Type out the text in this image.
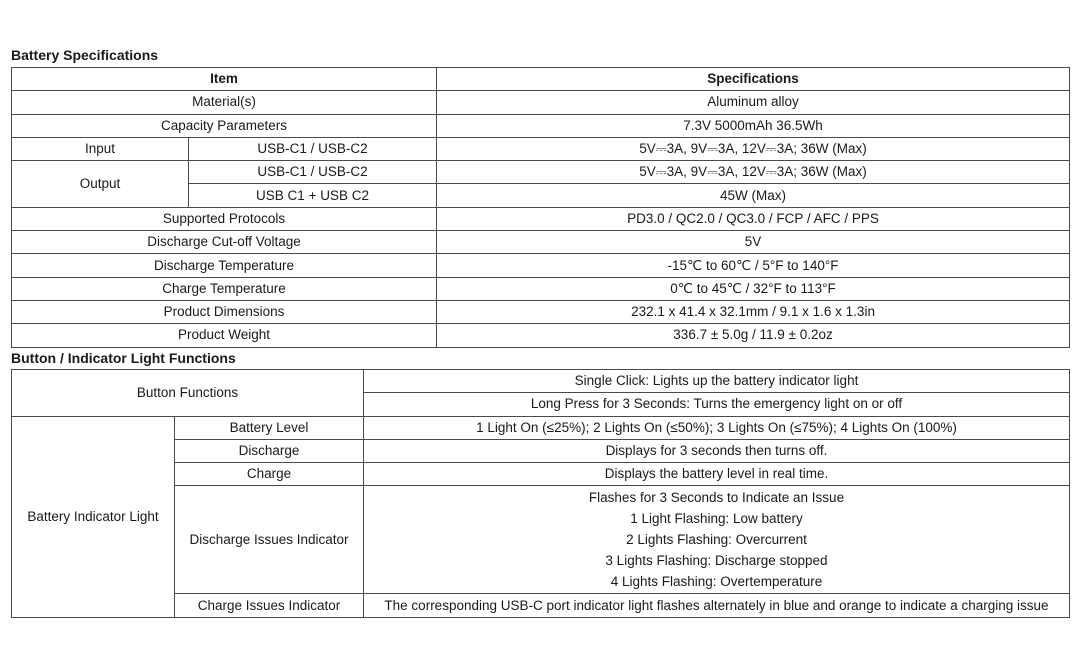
Battery Specifications
Item		Specifications
Material(s)		Aluminum alloy
Capacity Parameters		7.3V 5000mAh 36.5Wh
Input	USB-C1 / USB-C2	5V⎓3A, 9V⎓3A, 12V⎓3A; 36W (Max)
Output	USB-C1 / USB-C2	5V⎓3A, 9V⎓3A, 12V⎓3A; 36W (Max)
	USB C1 + USB C2	45W (Max)
Supported Protocols		PD3.0 / QC2.0 / QC3.0 / FCP / AFC / PPS
Discharge Cut-off Voltage		5V
Discharge Temperature		-15℃ to 60℃ / 5°F to 140°F
Charge Temperature		0℃ to 45℃ / 32°F to 113°F
Product Dimensions		232.1 x 41.4 x 32.1mm / 9.1 x 1.6 x 1.3in
Product Weight		336.7 ± 5.0g / 11.9 ± 0.2oz
Button / Indicator Light Functions
Button Functions		Single Click: Lights up the battery indicator light
		Long Press for 3 Seconds: Turns the emergency light on or off
Battery Indicator Light	Battery Level	1 Light On (≤25%); 2 Lights On (≤50%); 3 Lights On (≤75%); 4 Lights On (100%)
	Discharge	Displays for 3 seconds then turns off.
	Charge	Displays the battery level in real time.
	Discharge Issues Indicator	Flashes for 3 Seconds to Indicate an Issue
1 Light Flashing: Low battery
2 Lights Flashing: Overcurrent
3 Lights Flashing: Discharge stopped
4 Lights Flashing: Overtemperature

	Charge Issues Indicator	The corresponding USB-C port indicator light flashes alternately in blue and orange to indicate a charging issue
